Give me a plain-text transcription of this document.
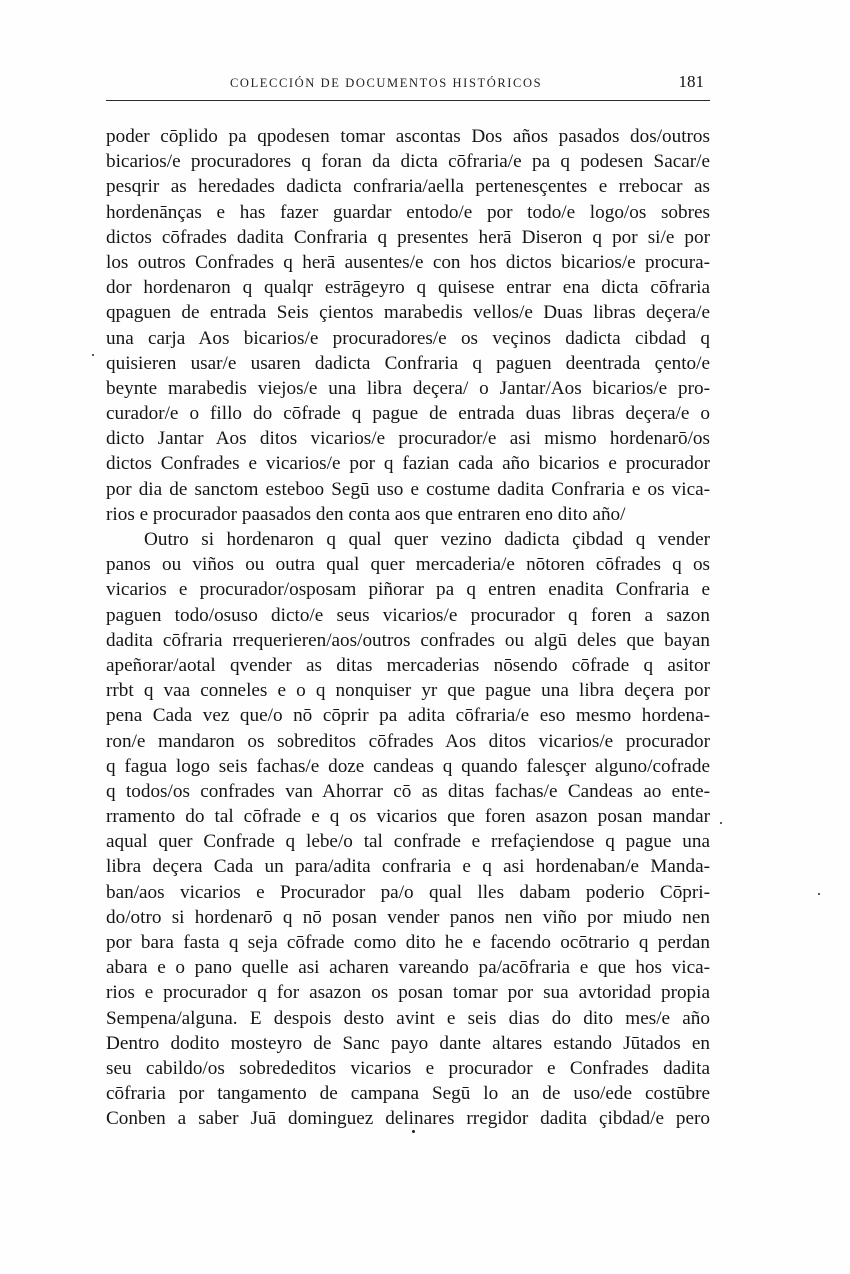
COLECCIÓN DE DOCUMENTOS HISTÓRICOS	181
poder cōplido pa qpodesen tomar ascontas Dos años pasados dos/outros
bicarios/e procuradores q foran da dicta cōfraria/e pa q podesen Sacar/e
pesqrir as heredades dadicta confraria/aella pertenesçentes e rrebocar as
hordenānças e has fazer guardar entodo/e por todo/e logo/os sobres
dictos cōfrades dadita Confraria q presentes herā Diseron q por si/e por
los outros Confrades q herā ausentes/e con hos dictos bicarios/e procura-
dor hordenaron q qualqr estrāgeyro q quisese entrar ena dicta cōfraria
qpaguen de entrada Seis çientos marabedis vellos/e Duas libras deçera/e
una carja Aos bicarios/e procuradores/e os veçinos dadicta cibdad q
quisieren usar/e usaren dadicta Confraria q paguen deentrada çento/e
beynte marabedis viejos/e una libra deçera/ o Jantar/Aos bicarios/e pro-
curador/e o fillo do cōfrade q pague de entrada duas libras deçera/e o
dicto Jantar Aos ditos vicarios/e procurador/e asi mismo hordenarō/os
dictos Confrades e vicarios/e por q fazian cada año bicarios e procurador
por dia de sanctom esteboo Segū uso e costume dadita Confraria e os vica-
rios e procurador paasados den conta aos que entraren eno dito año/
Outro si hordenaron q qual quer vezino dadicta çibdad q vender
panos ou viños ou outra qual quer mercaderia/e nōtoren cōfrades q os
vicarios e procurador/osposam piñorar pa q entren enadita Confraria e
paguen todo/osuso dicto/e seus vicarios/e procurador q foren a sazon
dadita cōfraria rrequerieren/aos/outros confrades ou algū deles que bayan
apeñorar/aotal qvender as ditas mercaderias nōsendo cōfrade q asitor
rrbt q vaa conneles e o q nonquiser yr que pague una libra deçera por
pena Cada vez que/o nō cōprir pa adita cōfraria/e eso mesmo hordena-
ron/e mandaron os sobreditos cōfrades Aos ditos vicarios/e procurador
q fagua logo seis fachas/e doze candeas q quando falesçer alguno/cofrade
q todos/os confrades van Ahorrar cō as ditas fachas/e Candeas ao ente-
rramento do tal cōfrade e q os vicarios que foren asazon posan mandar
aqual quer Confrade q lebe/o tal confrade e rrefaçiendose q pague una
libra deçera Cada un para/adita confraria e q asi hordenaban/e Manda-
ban/aos vicarios e Procurador pa/o qual lles dabam poderio Cōpri-
do/otro si hordenarō q nō posan vender panos nen viño por miudo nen
por bara fasta q seja cōfrade como dito he e facendo ocōtrario q perdan
abara e o pano quelle asi acharen vareando pa/acōfraria e que hos vica-
rios e procurador q for asazon os posan tomar por sua avtoridad propia
Sempena/alguna. E despois desto avint e seis dias do dito mes/e año
Dentro dodito mosteyro de Sanc payo dante altares estando Jūtados en
seu cabildo/os sobrededitos vicarios e procurador e Confrades dadita
cōfraria por tangamento de campana Segū lo an de uso/ede costūbre
Conben a saber Juā dominguez delinares rregidor dadita çibdad/e pero
